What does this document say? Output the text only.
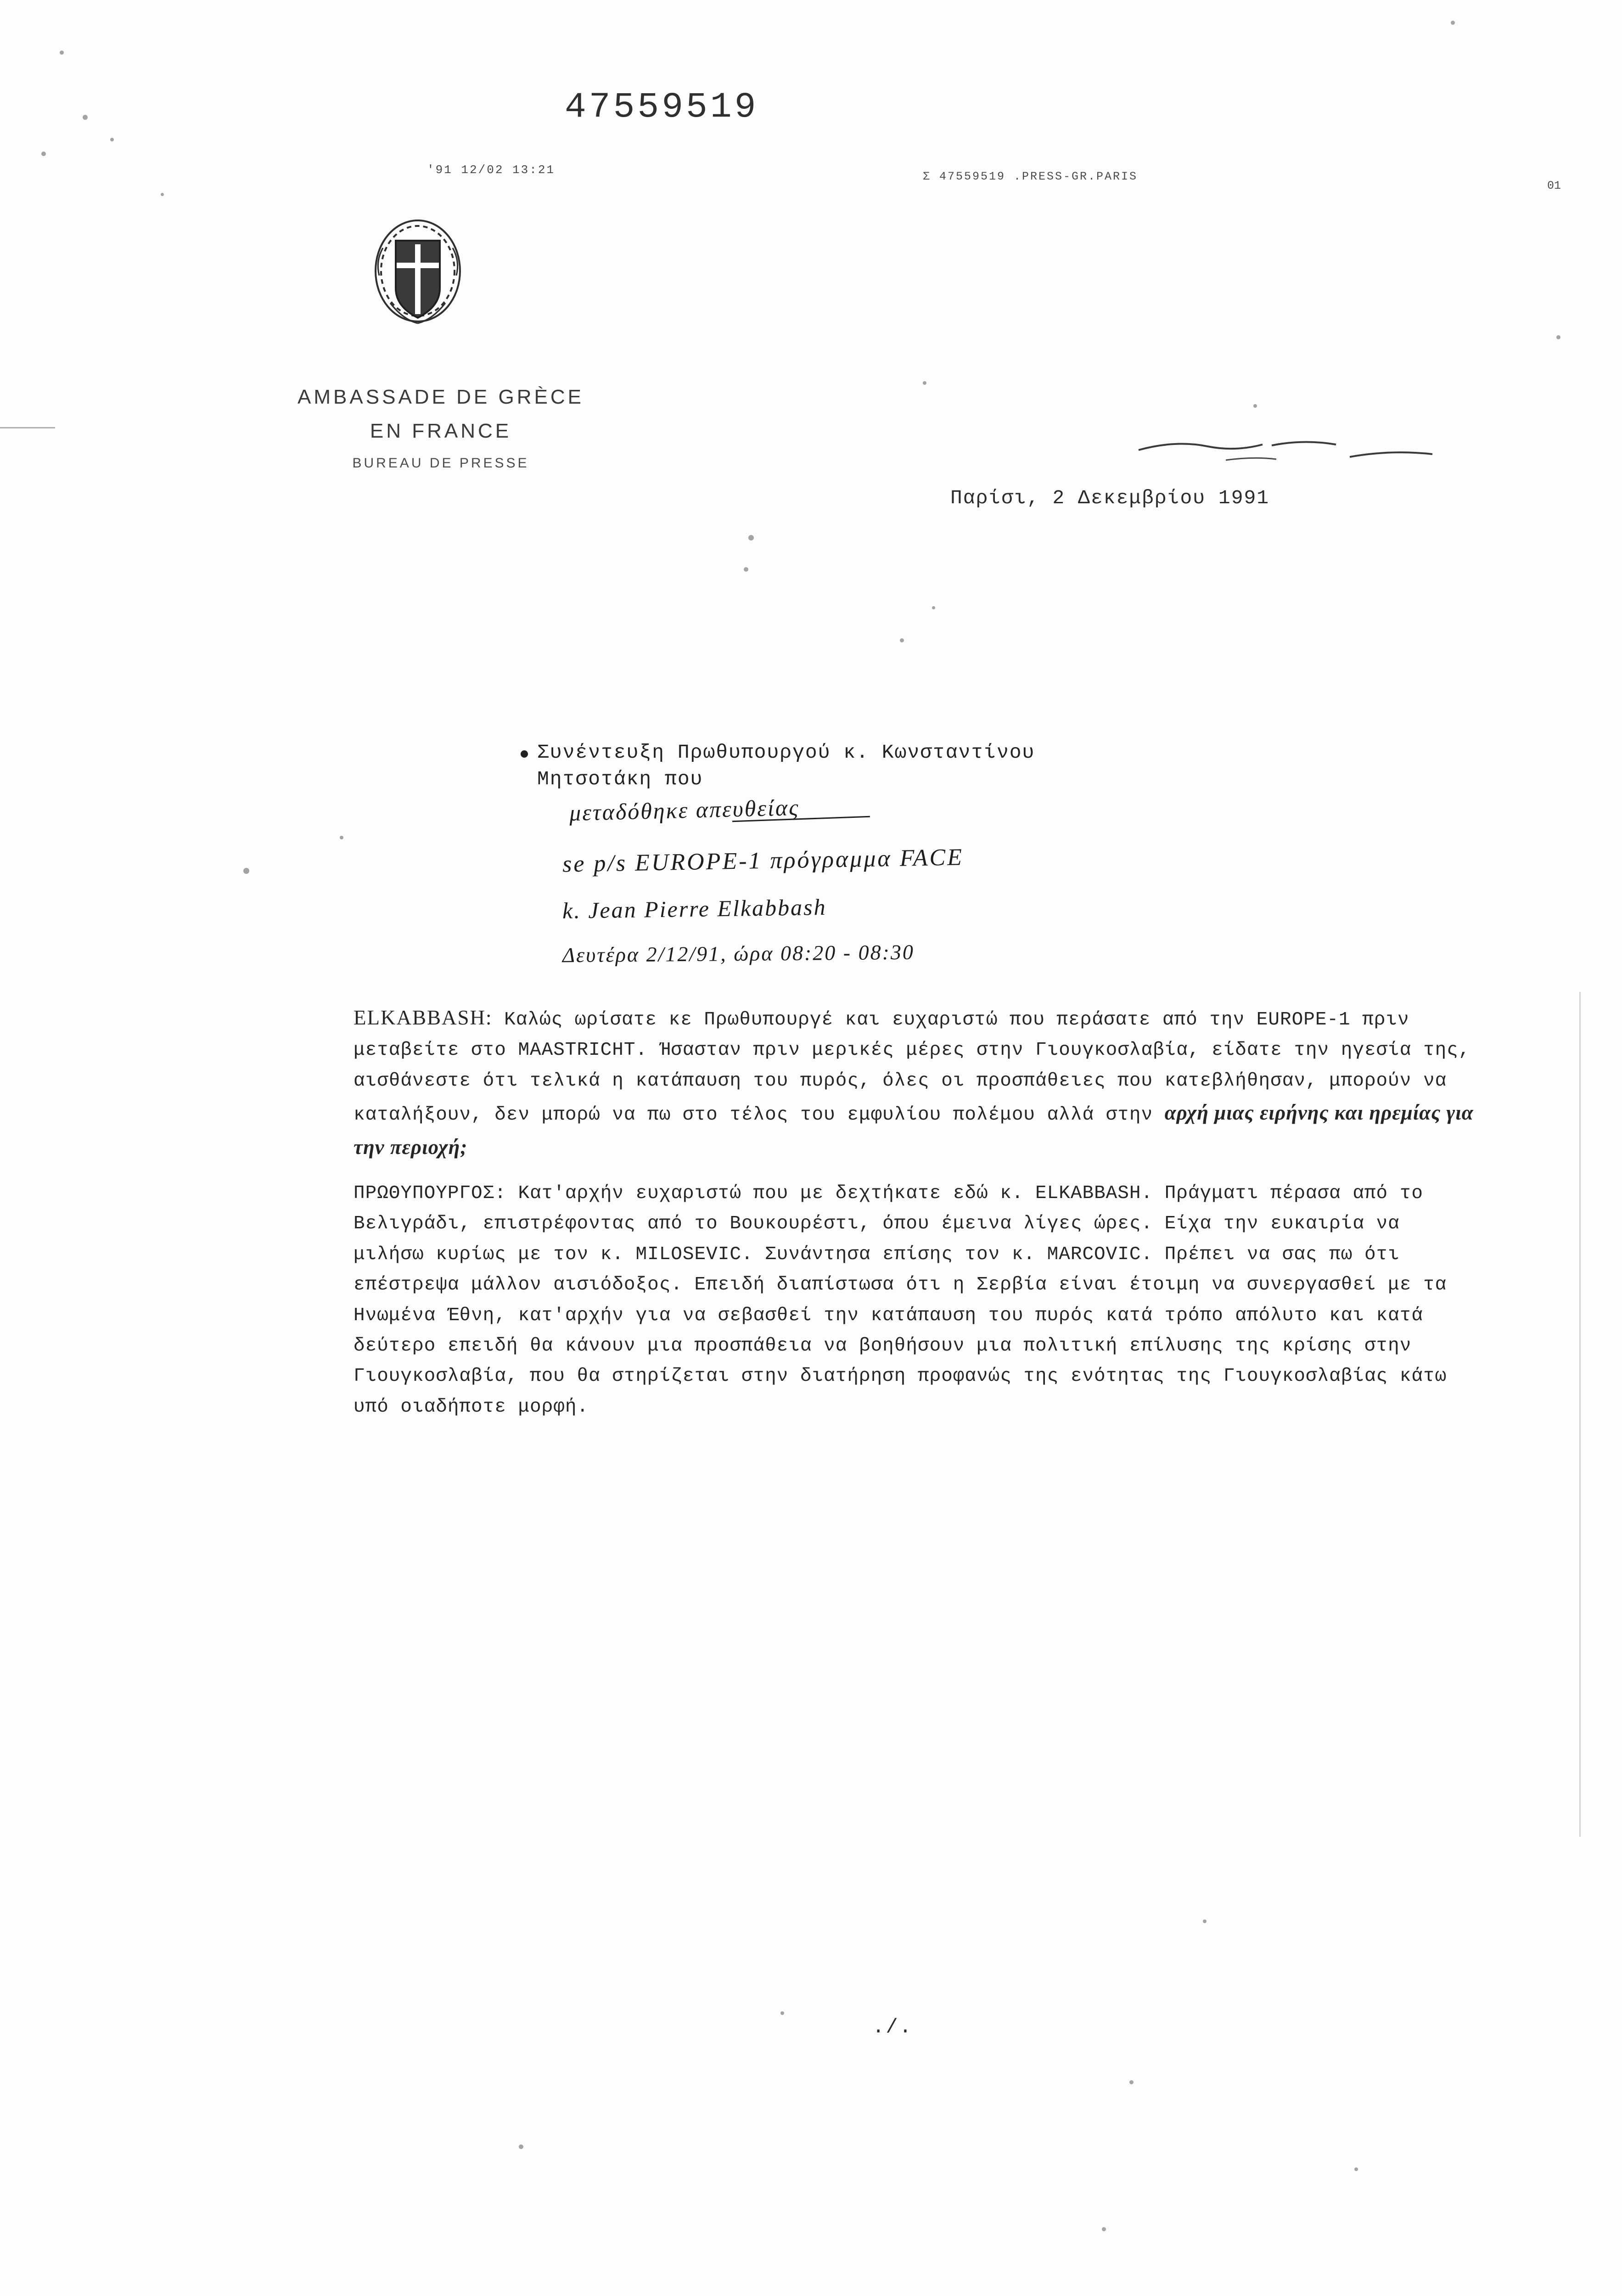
47559519
'91 12/02 13:21	Σ 47559519 .PRESS-GR.PARIS
01
AMBASSADE DE GRÈCE
EN FRANCE
BUREAU DE PRESSE
Παρίσι, 2 Δεκεμβρίου 1991
Συνέντευξη Πρωθυπουργού κ. Κωνσταντίνου
Μητσοτάκη που
μεταδόθηκε απευθείας
se p/s EUROPE-1 πρόγραμμα FACE
k. Jean Pierre Elkabbash
Δευτέρα 2/12/91, ώρα 08:20 - 08:30

ELKABBASH: Καλώς ωρίσατε κε Πρωθυπουργέ και ευχαριστώ που περάσατε από την EUROPE-1 πριν μεταβείτε στο MAASTRICHT. Ήσασταν πριν μερικές μέρες στην Γιουγκοσλαβία, είδατε την ηγεσία της, αισθάνεστε ότι τελικά η κατάπαυση του πυρός, όλες οι προσπάθειες που κατεβλήθησαν, μπορούν να καταλήξουν, δεν μπορώ να πω στο τέλος του εμφυλίου πολέμου αλλά στην αρχή μιας ειρήνης και ηρεμίας για την περιοχή;

ΠΡΩΘΥΠΟΥΡΓΟΣ: Κατ'αρχήν ευχαριστώ που με δεχτήκατε εδώ κ. ELKABBASH. Πράγματι πέρασα από το Βελιγράδι, επιστρέφοντας από το Βουκουρέστι, όπου έμεινα λίγες ώρες. Είχα την ευκαιρία να μιλήσω κυρίως με τον κ. MILOSEVIC. Συνάντησα επίσης τον κ. MARCOVIC. Πρέπει να σας πω ότι επέστρεψα μάλλον αισιόδοξος. Επειδή διαπίστωσα ότι η Σερβία είναι έτοιμη να συνεργασθεί με τα Ηνωμένα Έθνη, κατ'αρχήν για να σεβασθεί την κατάπαυση του πυρός κατά τρόπο απόλυτο και κατά δεύτερο επειδή θα κάνουν μια προσπάθεια να βοηθήσουν μια πολιτική επίλυσης της κρίσης στην Γιουγκοσλαβία, που θα στηρίζεται στην διατήρηση προφανώς της ενότητας της Γιουγκοσλαβίας κάτω υπό οιαδήποτε μορφή.

./.
